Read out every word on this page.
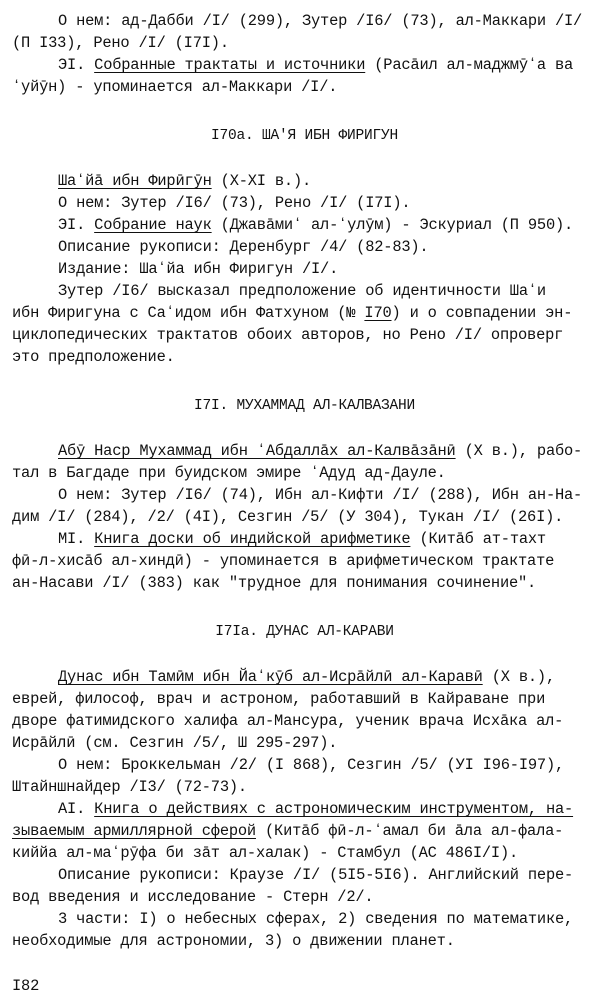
О нем: ад-Дабби /I/ (299), Зутер /I6/ (73), ал-Маккари /I/
(П I33), Рено /I/ (I7I).
ЭI. Собранные трактаты и источники (Расāил ал-маджмӯʻа ва
ʻуйӯн) - упоминается ал-Маккари /I/.
I70а. ША'Я ИБН ФИРИГУН
Шаʻйā ибн Фирӣгӯн (X-XI в.).
О нем: Зутер /I6/ (73), Рено /I/ (I7I).
ЭI. Собрание наук (Джавāмиʻ ал-ʻулӯм) - Эскуриал (П 950).
Описание рукописи: Деренбург /4/ (82-83).
Издание: Шаʻйа ибн Фиригун /I/.
Зутер /I6/ высказал предположение об идентичности Шаʻи
ибн Фиригуна с Саʻидом ибн Фатхуном (№ I70) и о совпадении эн-
циклопедических трактатов обоих авторов, но Рено /I/ опроверг
это предположение.
I7I. МУХАММАД АЛ-КАЛВАЗАНИ
Абӯ Наср Мухаммад ибн ʻАбдаллāх ал-Калвāзāнӣ (X в.), рабо-
тал в Багдаде при буидском эмире ʻАдуд ад-Дауле.
О нем: Зутер /I6/ (74), Ибн ал-Кифти /I/ (288), Ибн ан-На-
дим /I/ (284), /2/ (4I), Сезгин /5/ (У 304), Тукан /I/ (26I).
МI. Книга доски об индийской арифметике (Китāб ат-тахт
фӣ-л-хисāб ал-хиндӣ) - упоминается в арифметическом трактате
ан-Насави /I/ (383) как "трудное для понимания сочинение".
I7Iа. ДУНАС АЛ-КАРАВИ
Дунас ибн Тамӣм ибн Йаʻкӯб ал-Исрāйлӣ ал-Каравӣ (X в.),
еврей, философ, врач и астроном, работавший в Кайраване при
дворе фатимидского халифа ал-Мансура, ученик врача Исхāка ал-
Исрāйлӣ (см. Сезгин /5/, Ш 295-297).
О нем: Броккельман /2/ (I 868), Сезгин /5/ (УI I96-I97),
Штайншнайдер /I3/ (72-73).
АI. Книга о действиях с астрономическим инструментом, на-
зываемым армиллярной сферой (Китāб фӣ-л-ʻамал би āла ал-фала-
киййа ал-маʻрӯфа би зāт ал-халак) - Стамбул (АС 486I/I).
Описание рукописи: Краузе /I/ (5I5-5I6). Английский пере-
вод введения и исследование - Стерн /2/.
3 части: I) о небесных сферах, 2) сведения по математике,
необходимые для астрономии, 3) о движении планет.
I82
